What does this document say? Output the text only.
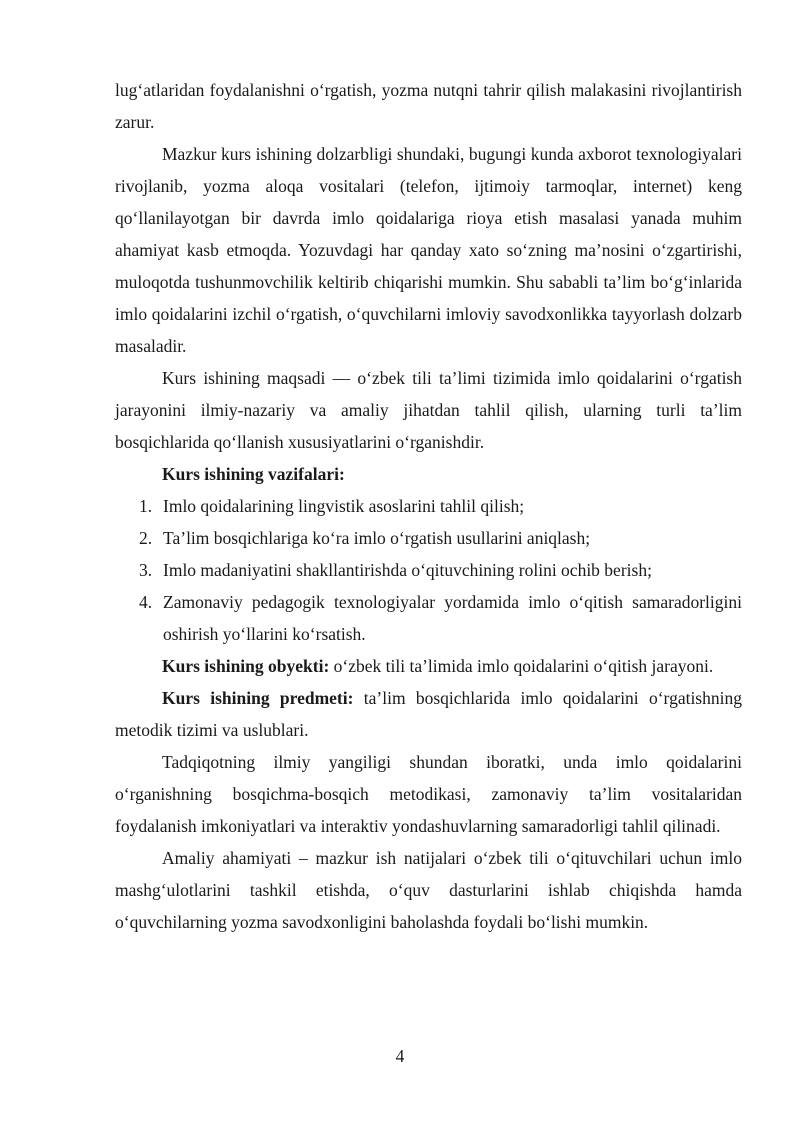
lug‘atlaridan foydalanishni o‘rgatish, yozma nutqni tahrir qilish malakasini rivojlantirish zarur.

Mazkur kurs ishining dolzarbligi shundaki, bugungi kunda axborot texnologiyalari rivojlanib, yozma aloqa vositalari (telefon, ijtimoiy tarmoqlar, internet) keng qo‘llanilayotgan bir davrda imlo qoidalariga rioya etish masalasi yanada muhim ahamiyat kasb etmoqda. Yozuvdagi har qanday xato so‘zning ma’nosini o‘zgartirishi, muloqotda tushunmovchilik keltirib chiqarishi mumkin. Shu sababli ta’lim bo‘g‘inlarida imlo qoidalarini izchil o‘rgatish, o‘quvchilarni imloviy savodxonlikka tayyorlash dolzarb masaladir.

Kurs ishining maqsadi — o‘zbek tili ta’limi tizimida imlo qoidalarini o‘rgatish jarayonini ilmiy-nazariy va amaliy jihatdan tahlil qilish, ularning turli ta’lim bosqichlarida qo‘llanish xususiyatlarini o‘rganishdir.

Kurs ishining vazifalari:

1. Imlo qoidalarining lingvistik asoslarini tahlil qilish;
2. Ta’lim bosqichlariga ko‘ra imlo o‘rgatish usullarini aniqlash;
3. Imlo madaniyatini shakllantirishda o‘qituvchining rolini ochib berish;
4. Zamonaviy pedagogik texnologiyalar yordamida imlo o‘qitish samaradorligini oshirish yo‘llarini ko‘rsatish.

Kurs ishining obyekti: o‘zbek tili ta’limida imlo qoidalarini o‘qitish jarayoni.

Kurs ishining predmeti: ta’lim bosqichlarida imlo qoidalarini o‘rgatishning metodik tizimi va uslublari.

Tadqiqotning ilmiy yangiligi shundan iboratki, unda imlo qoidalarini o‘rganishning bosqichma-bosqich metodikasi, zamonaviy ta’lim vositalaridan foydalanish imkoniyatlari va interaktiv yondashuvlarning samaradorligi tahlil qilinadi.

Amaliy ahamiyati – mazkur ish natijalari o‘zbek tili o‘qituvchilari uchun imlo mashg‘ulotlarini tashkil etishda, o‘quv dasturlarini ishlab chiqishda hamda o‘quvchilarning yozma savodxonligini baholashda foydali bo‘lishi mumkin.

4
